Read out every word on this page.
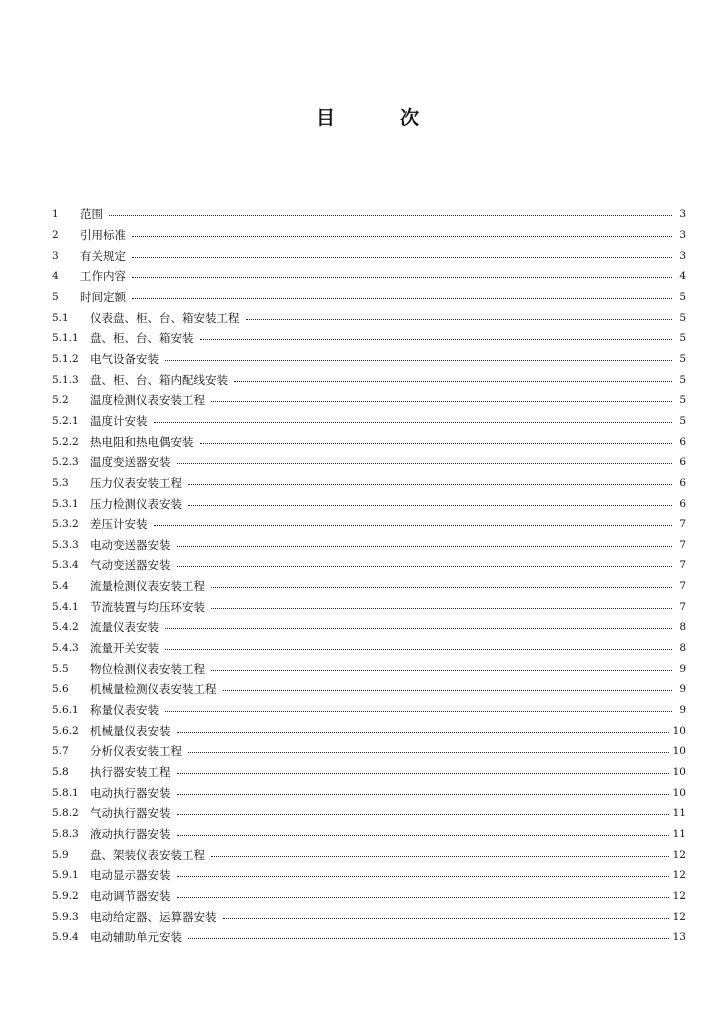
目	次
1	范围	3
2	引用标准	3
3	有关规定	3
4	工作内容	4
5	时间定额	5
5.1	仪表盘、柜、台、箱安装工程	5
5.1.1 盘、柜、台、箱安装	5
5.1.2 电气设备安装	5
5.1.3 盘、柜、台、箱内配线安装	5
5.2	温度检测仪表安装工程	5
5.2.1 温度计安装	5
5.2.2 热电阻和热电偶安装	6
5.2.3 温度变送器安装	6
5.3	压力仪表安装工程	6
5.3.1 压力检测仪表安装	6
5.3.2 差压计安装	7
5.3.3 电动变送器安装	7
5.3.4 气动变送器安装	7
5.4	流量检测仪表安装工程	7
5.4.1 节流装置与均压环安装	7
5.4.2 流量仪表安装	8
5.4.3 流量开关安装	8
5.5	物位检测仪表安装工程	9
5.6	机械量检测仪表安装工程	9
5.6.1 称量仪表安装	9
5.6.2 机械量仪表安装	10
5.7	分析仪表安装工程	10
5.8	执行器安装工程	10
5.8.1 电动执行器安装	10
5.8.2 气动执行器安装	11
5.8.3 液动执行器安装	11
5.9	盘、架装仪表安装工程	12
5.9.1 电动显示器安装	12
5.9.2 电动调节器安装	12
5.9.3 电动给定器、运算器安装	12
5.9.4 电动辅助单元安装	13
